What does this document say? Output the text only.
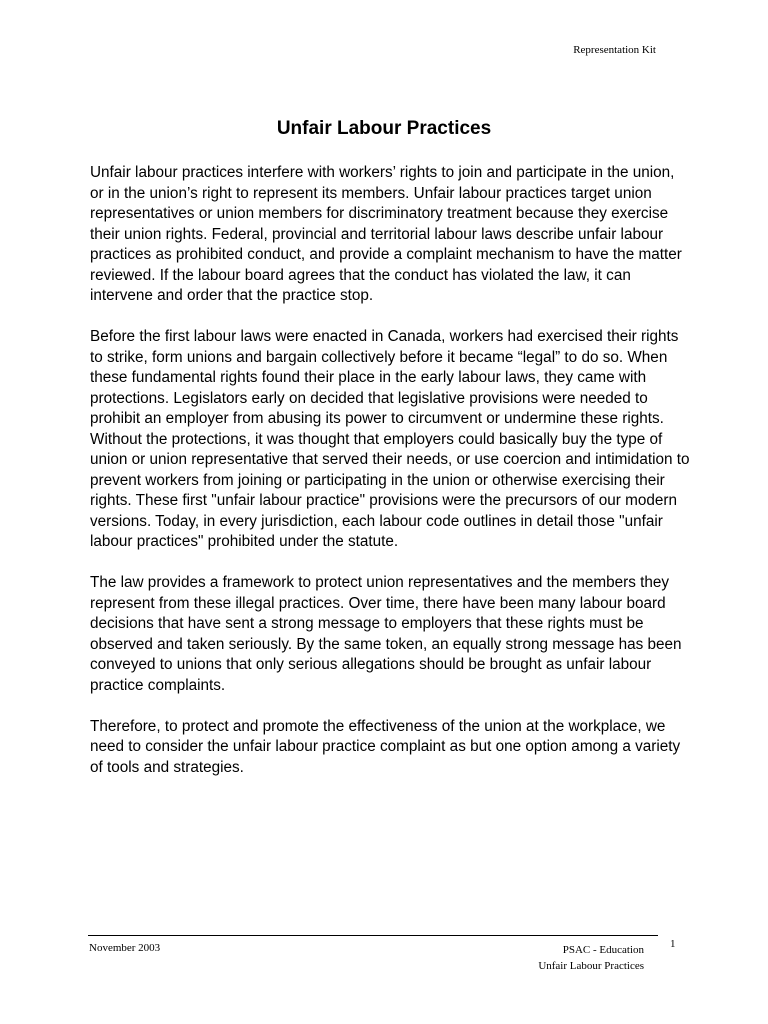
Representation Kit
Unfair Labour Practices

Unfair labour practices interfere with workers’ rights to join and participate in the union, or in the union’s right to represent its members. Unfair labour practices target union representatives or union members for discriminatory treatment because they exercise their union rights. Federal, provincial and territorial labour laws describe unfair labour practices as prohibited conduct, and provide a complaint mechanism to have the matter reviewed. If the labour board agrees that the conduct has violated the law, it can intervene and order that the practice stop.

Before the first labour laws were enacted in Canada, workers had exercised their rights to strike, form unions and bargain collectively before it became “legal” to do so. When these fundamental rights found their place in the early labour laws, they came with protections. Legislators early on decided that legislative provisions were needed to prohibit an employer from abusing its power to circumvent or undermine these rights. Without the protections, it was thought that employers could basically buy the type of union or union representative that served their needs, or use coercion and intimidation to prevent workers from joining or participating in the union or otherwise exercising their rights. These first "unfair labour practice" provisions were the precursors of our modern versions. Today, in every jurisdiction, each labour code outlines in detail those "unfair labour practices" prohibited under the statute.

The law provides a framework to protect union representatives and the members they represent from these illegal practices. Over time, there have been many labour board decisions that have sent a strong message to employers that these rights must be observed and taken seriously. By the same token, an equally strong message has been conveyed to unions that only serious allegations should be brought as unfair labour practice complaints.

Therefore, to protect and promote the effectiveness of the union at the workplace, we need to consider the unfair labour practice complaint as but one option among a variety of tools and strategies.

November 2003	PSAC - Education
Unfair Labour Practices
1
